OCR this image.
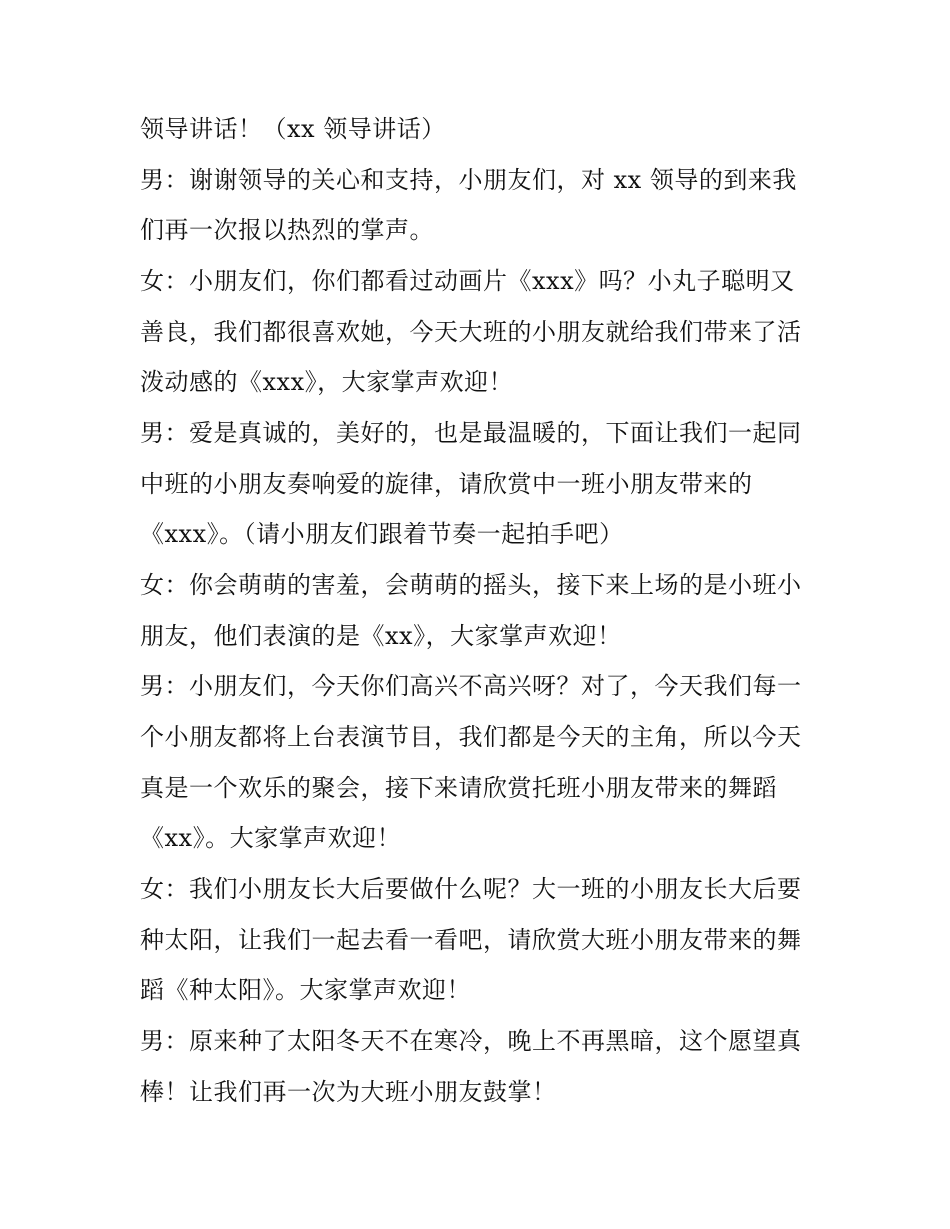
领导讲话！（xx 领导讲话）
男：谢谢领导的关心和支持，小朋友们，对 xx 领导的到来我
们再一次报以热烈的掌声。
女：小朋友们，你们都看过动画片《xxx》吗？小丸子聪明又
善良，我们都很喜欢她，今天大班的小朋友就给我们带来了活
泼动感的《xxx》，大家掌声欢迎！
男：爱是真诚的，美好的，也是最温暖的，下面让我们一起同
中班的小朋友奏响爱的旋律，请欣赏中一班小朋友带来的
《xxx》。（请小朋友们跟着节奏一起拍手吧）
女：你会萌萌的害羞，会萌萌的摇头，接下来上场的是小班小
朋友，他们表演的是《xx》，大家掌声欢迎！
男：小朋友们，今天你们高兴不高兴呀？对了，今天我们每一
个小朋友都将上台表演节目，我们都是今天的主角，所以今天
真是一个欢乐的聚会，接下来请欣赏托班小朋友带来的舞蹈
《xx》。大家掌声欢迎！
女：我们小朋友长大后要做什么呢？大一班的小朋友长大后要
种太阳，让我们一起去看一看吧，请欣赏大班小朋友带来的舞
蹈《种太阳》。大家掌声欢迎！
男：原来种了太阳冬天不在寒冷，晚上不再黑暗，这个愿望真
棒！让我们再一次为大班小朋友鼓掌！
